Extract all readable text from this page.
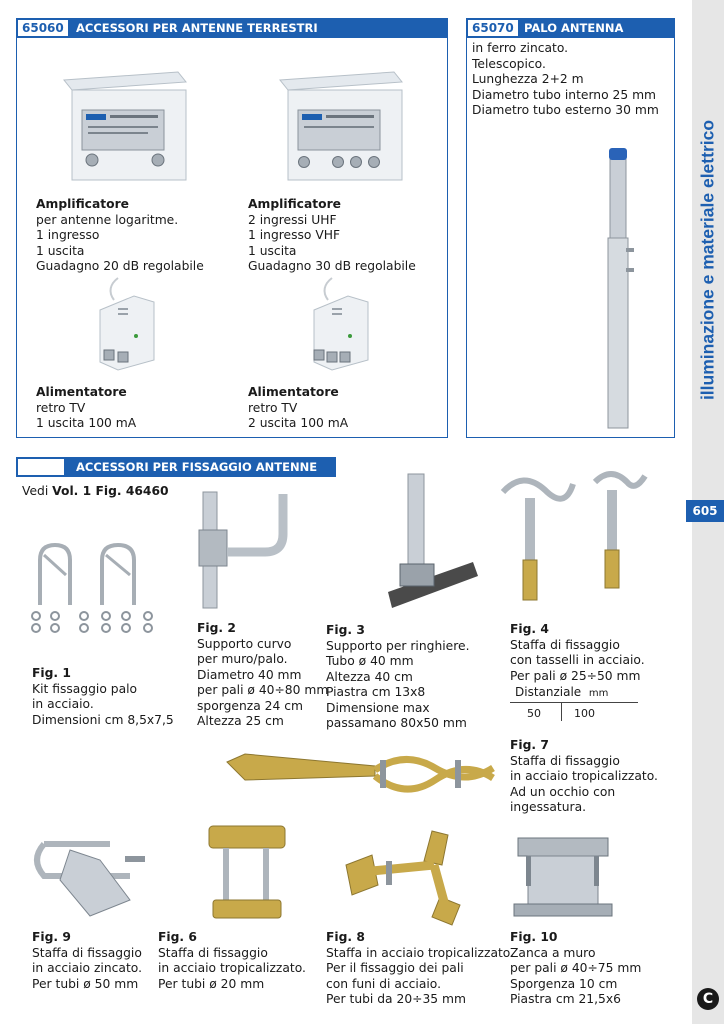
illuminazione e materiale elettrico
605
C
65060	ACCESSORI PER ANTENNE TERRESTRI
Amplificatore
per antenne logaritme.
1 ingresso
1 uscita
Guadagno 20 dB regolabile
Amplificatore
2 ingressi UHF
1 ingresso VHF
1 uscita
Guadagno 30 dB regolabile
Alimentatore
retro TV
1 uscita 100 mA
Alimentatore
retro TV
2 uscita 100 mA
65070 PALO ANTENNA
in ferro zincato.
Telescopico.
Lunghezza 2+2 m
Diametro tubo interno 25 mm
Diametro tubo esterno 30 mm
ACCESSORI PER FISSAGGIO ANTENNE
Vedi Vol. 1 Fig. 46460
Fig. 1
Kit fissaggio palo
in acciaio.
Dimensioni cm 8,5x7,5
Fig. 2
Supporto curvo
per muro/palo.
Diametro 40 mm
per pali ø 40÷80 mm
sporgenza 24 cm
Altezza 25 cm
Fig. 3
Supporto per ringhiere.
Tubo ø 40 mm
Altezza 40 cm
Piastra cm 13x8
Dimensione max
passamano 80x50 mm
Fig. 4
Staffa di fissaggio
con tasselli in acciaio.
Per pali ø 25÷50 mm
Distanziale mm
50	100
Fig. 7
Staffa di fissaggio
in acciaio tropicalizzato.
Ad un occhio con
ingessatura.
Fig. 9
Staffa di fissaggio
in acciaio zincato.
Per tubi ø 50 mm
Fig. 6
Staffa di fissaggio
in acciaio tropicalizzato.
Per tubi ø 20 mm
Fig. 8
Staffa in acciaio tropicalizzato.
Per il fissaggio dei pali
con funi di acciaio.
Per tubi da 20÷35 mm
Fig. 10
Zanca a muro
per pali ø 40÷75 mm
Sporgenza 10 cm
Piastra cm 21,5x6
